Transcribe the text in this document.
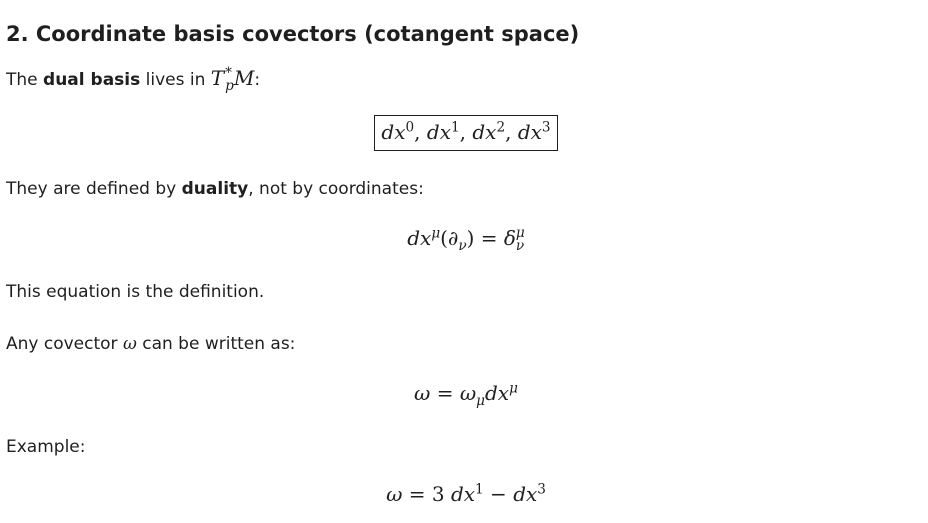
2. Coordinate basis covectors (cotangent space)

The dual basis lives in T *
p M:

$dx^0$, $dx^1$, $dx^2$, $dx^3$

They are defined by duality, not by coordinates:

$dx^\mu(\partial_\nu) = \delta$ μ
ν

This equation is the definition.

Any covector ω can be written as:

$\omega = \omega_\mu dx^\mu$

Example:

ω = 3 $dx^1 - dx^3$
